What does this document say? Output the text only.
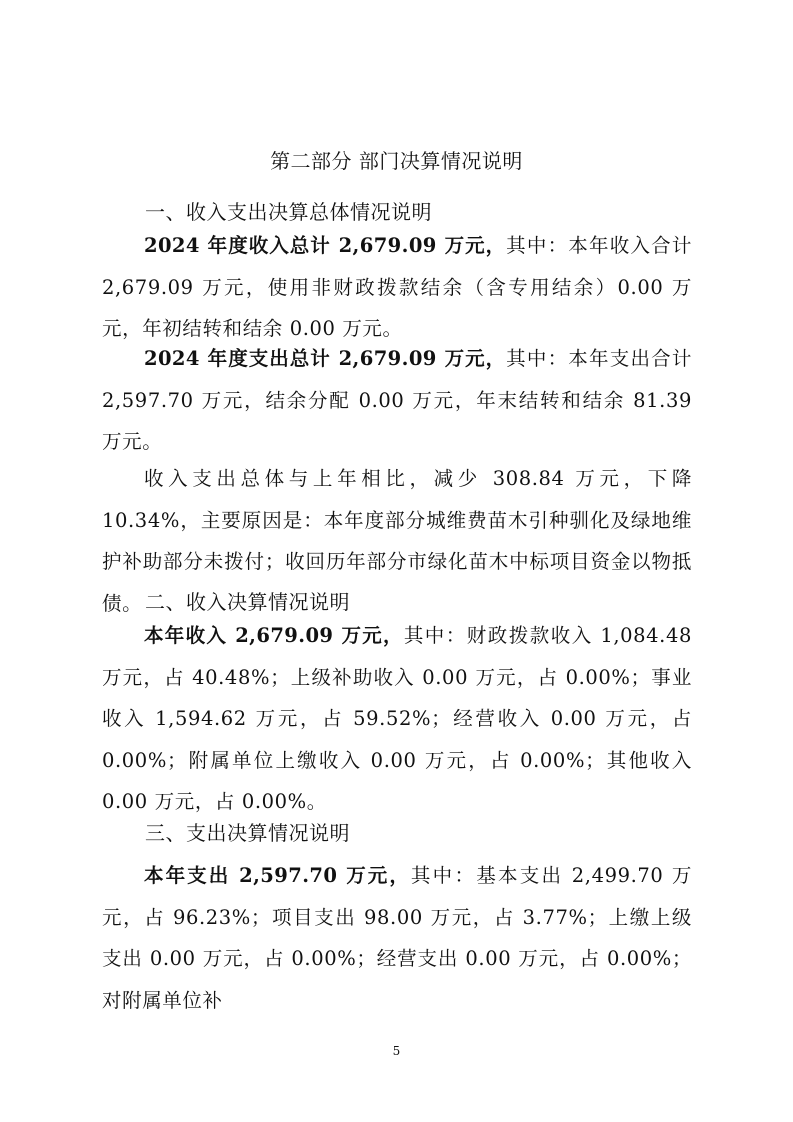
第二部分 部门决算情况说明
一、收入支出决算总体情况说明

2024 年度收入总计 2,679.09 万元，其中：本年收入合计 2,679.09 万元，使用非财政拨款结余（含专用结余）0.00 万元，年初结转和结余 0.00 万元。

2024 年度支出总计 2,679.09 万元，其中：本年支出合计 2,597.70 万元，结余分配 0.00 万元，年末结转和结余 81.39 万元。

收入支出总体与上年相比，减少 308.84 万元，下降 10.34%，主要原因是：本年度部分城维费苗木引种驯化及绿地维护补助部分未拨付；收回历年部分市绿化苗木中标项目资金以物抵债。 二、收入决算情况说明

本年收入 2,679.09 万元，其中：财政拨款收入 1,084.48 万元，占 40.48%；上级补助收入 0.00 万元，占 0.00%；事业收入 1,594.62 万元，占 59.52%；经营收入 0.00 万元，占 0.00%；附属单位上缴收入 0.00 万元，占 0.00%；其他收入 0.00 万元，占 0.00%。

三、支出决算情况说明

本年支出 2,597.70 万元，其中：基本支出 2,499.70 万元，占 96.23%；项目支出 98.00 万元，占 3.77%；上缴上级支出 0.00 万元，占 0.00%；经营支出 0.00 万元，占 0.00%；对附属单位补

5
